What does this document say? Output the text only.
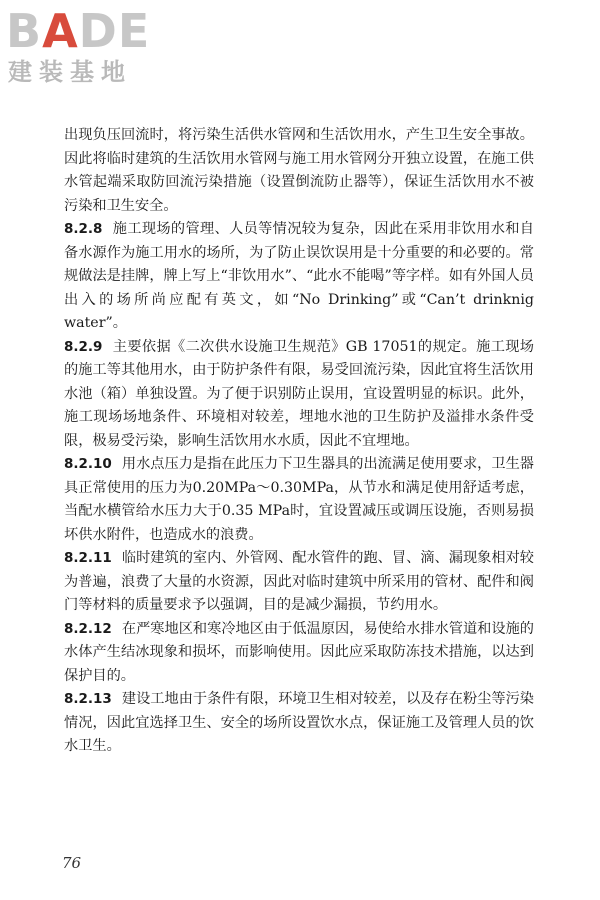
BADE
建装基地

出现负压回流时，将污染生活供水管网和生活饮用水，产生卫生安全事故。因此将临时建筑的生活饮用水管网与施工用水管网分开独立设置，在施工供水管起端采取防回流污染措施（设置倒流防止器等），保证生活饮用水不被污染和卫生安全。

8.2.8 施工现场的管理、人员等情况较为复杂，因此在采用非饮用水和自备水源作为施工用水的场所，为了防止误饮误用是十分重要的和必要的。常规做法是挂牌，牌上写上“非饮用水”、“此水不能喝”等字样。如有外国人员出入的场所尚应配有英文，如“No Drinking”或“Can’t drinknig water”。

8.2.9 主要依据《二次供水设施卫生规范》GB 17051的规定。施工现场的施工等其他用水，由于防护条件有限，易受回流污染，因此宜将生活饮用水池（箱）单独设置。为了便于识别防止误用，宜设置明显的标识。此外，施工现场场地条件、环境相对较差，埋地水池的卫生防护及溢排水条件受限，极易受污染，影响生活饮用水水质，因此不宜埋地。

8.2.10 用水点压力是指在此压力下卫生器具的出流满足使用要求，卫生器具正常使用的压力为0.20MPa～0.30MPa，从节水和满足使用舒适考虑，当配水横管给水压力大于0.35 MPa时，宜设置减压或调压设施，否则易损坏供水附件，也造成水的浪费。

8.2.11 临时建筑的室内、外管网、配水管件的跑、冒、滴、漏现象相对较为普遍，浪费了大量的水资源，因此对临时建筑中所采用的管材、配件和阀门等材料的质量要求予以强调，目的是减少漏损，节约用水。

8.2.12 在严寒地区和寒冷地区由于低温原因，易使给水排水管道和设施的水体产生结冰现象和损坏，而影响使用。因此应采取防冻技术措施，以达到保护目的。

8.2.13 建设工地由于条件有限，环境卫生相对较差，以及存在粉尘等污染情况，因此宜选择卫生、安全的场所设置饮水点，保证施工及管理人员的饮水卫生。

76
